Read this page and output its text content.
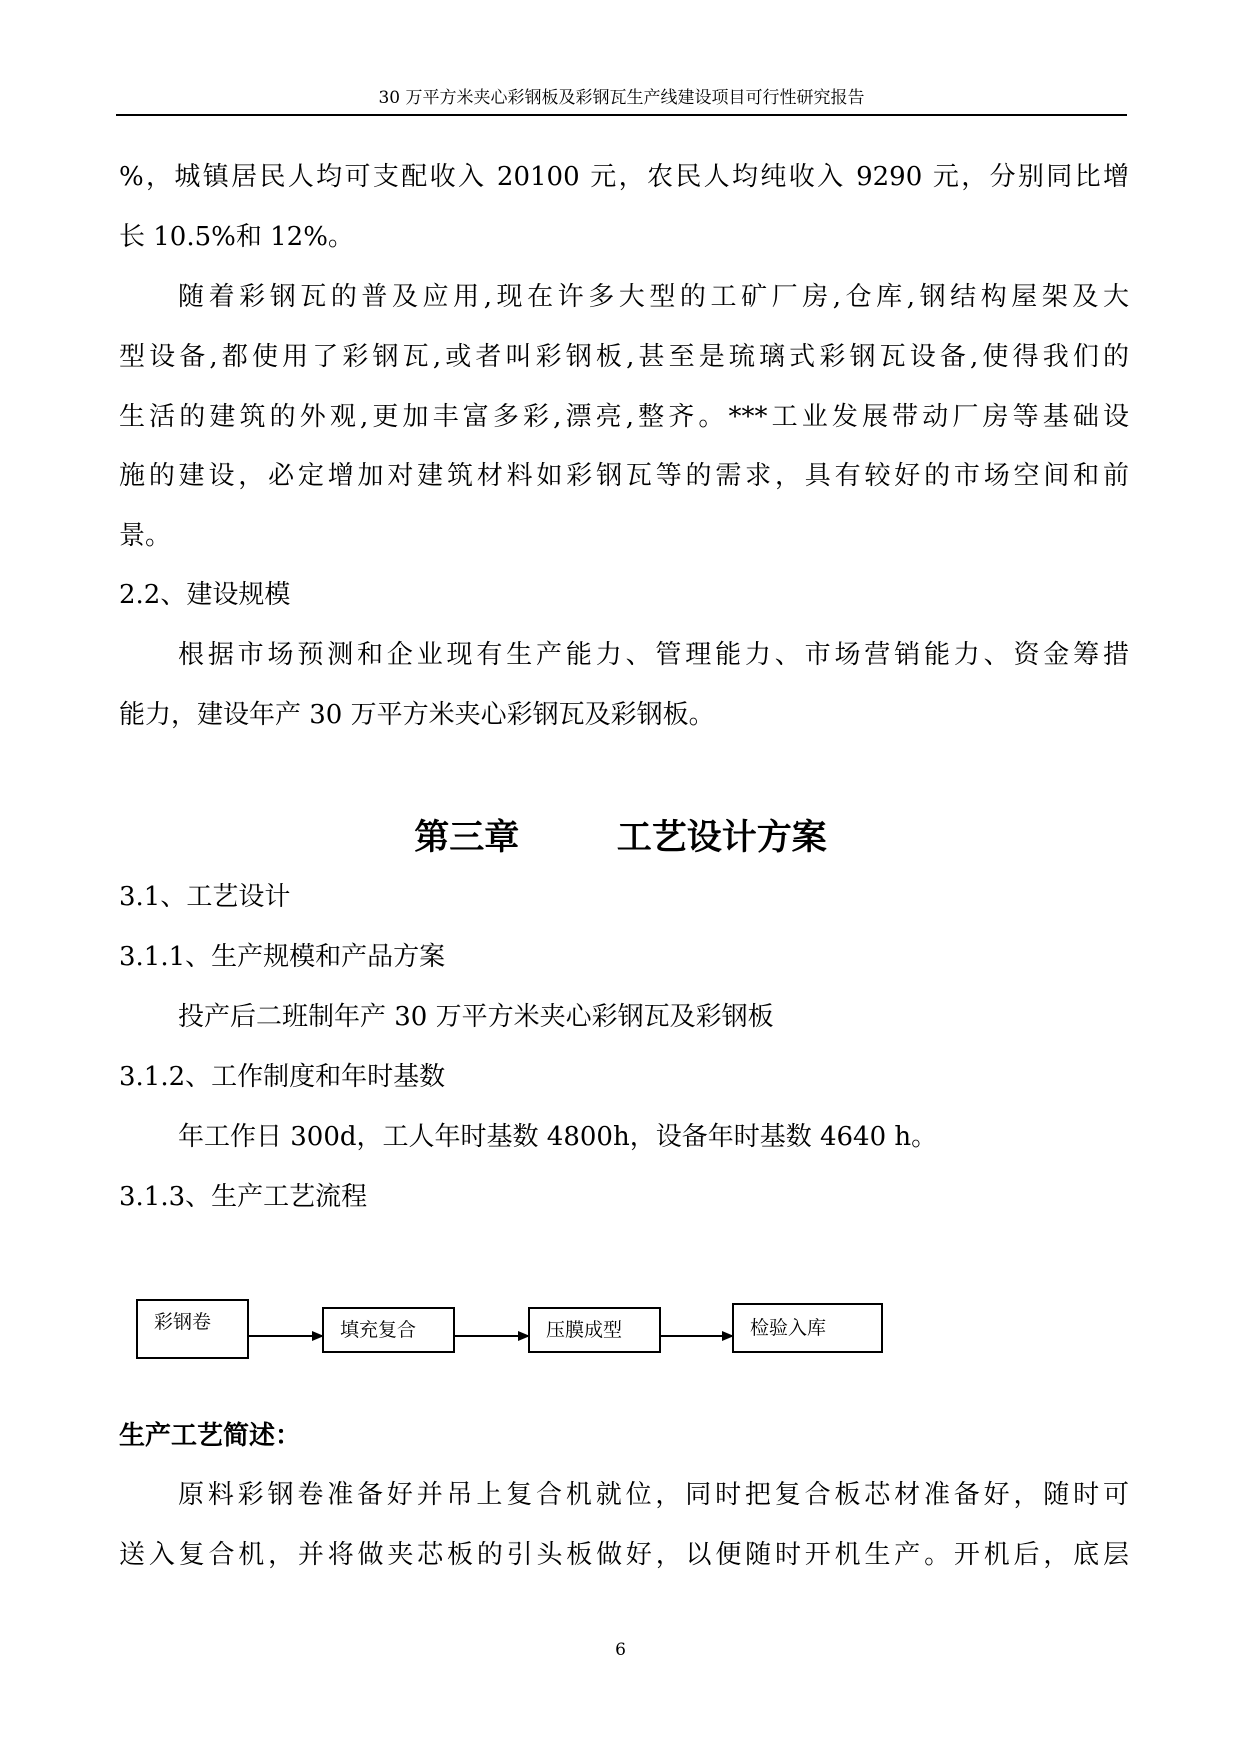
30 万平方米夹心彩钢板及彩钢瓦生产线建设项目可行性研究报告
%，城镇居民人均可支配收入 20100 元，农民人均纯收入 9290 元，分别同比增
长 10.5%和 12%。
随着彩钢瓦的普及应用,现在许多大型的工矿厂房,仓库,钢结构屋架及大
型设备,都使用了彩钢瓦,或者叫彩钢板,甚至是琉璃式彩钢瓦设备,使得我们的
生活的建筑的外观,更加丰富多彩,漂亮,整齐。***工业发展带动厂房等基础设
施的建设，必定增加对建筑材料如彩钢瓦等的需求，具有较好的市场空间和前
景。
2.2、建设规模
根据市场预测和企业现有生产能力、管理能力、市场营销能力、资金筹措
能力，建设年产 30 万平方米夹心彩钢瓦及彩钢板。
第三章        工艺设计方案
3.1、工艺设计
3.1.1、生产规模和产品方案
投产后二班制年产 30 万平方米夹心彩钢瓦及彩钢板
3.1.2、工作制度和年时基数
年工作日 300d，工人年时基数 4800h，设备年时基数 4640 h。
3.1.3、生产工艺流程
彩钢卷	填充复合	压膜成型	检验入库
生产工艺简述：
原料彩钢卷准备好并吊上复合机就位，同时把复合板芯材准备好，随时可
送入复合机，并将做夹芯板的引头板做好，以便随时开机生产。开机后，底层
6
